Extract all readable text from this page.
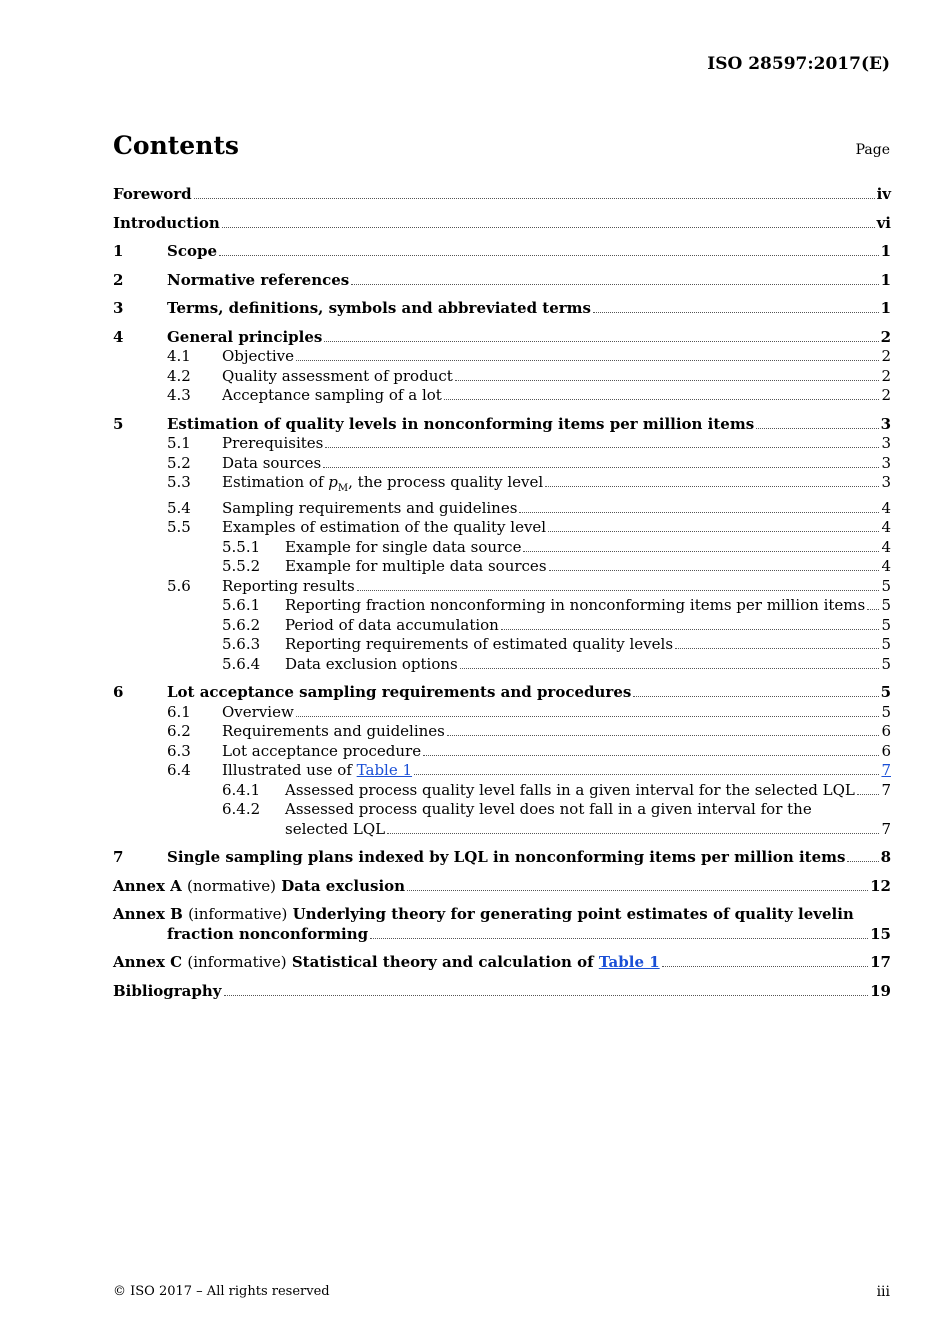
ISO 28597:2017(E)
Contents	Page
Foreword	iv
Introduction	vi
1	Scope	1
2	Normative references	1
3	Terms, definitions, symbols and abbreviated terms	1
4	General principles	2
4.1	Objective	2
4.2	Quality assessment of product	2
4.3	Acceptance sampling of a lot	2
5	Estimation of quality levels in nonconforming items per million items	3
5.1	Prerequisites	3
5.2	Data sources	3
5.3	Estimation of $p_M$, the process quality level	3
5.4	Sampling requirements and guidelines	4
5.5	Examples of estimation of the quality level	4
5.5.1	Example for single data source	4
5.5.2	Example for multiple data sources	4
5.6	Reporting results	5
5.6.1	Reporting fraction nonconforming in nonconforming items per million items 5
5.6.2	Period of data accumulation	5
5.6.3	Reporting requirements of estimated quality levels	5
5.6.4	Data exclusion options	5
6	Lot acceptance sampling requirements and procedures	5
6.1	Overview	5
6.2	Requirements and guidelines	6
6.3	Lot acceptance procedure	6
6.4	Illustrated use of Table 1	7
6.4.1	Assessed process quality level falls in a given interval for the selected LQL 7
6.4.2	Assessed process quality level does not fall in a given interval for the
selected LQL	7
7	Single sampling plans indexed by LQL in nonconforming items per million items 8
Annex A (normative) Data exclusion	12
Annex B (informative) Underlying theory for generating point estimates of quality levelin
fraction nonconforming	15
Annex C (informative) Statistical theory and calculation of Table 1	17
Bibliography	19
© ISO 2017 – All rights reserved	iii
